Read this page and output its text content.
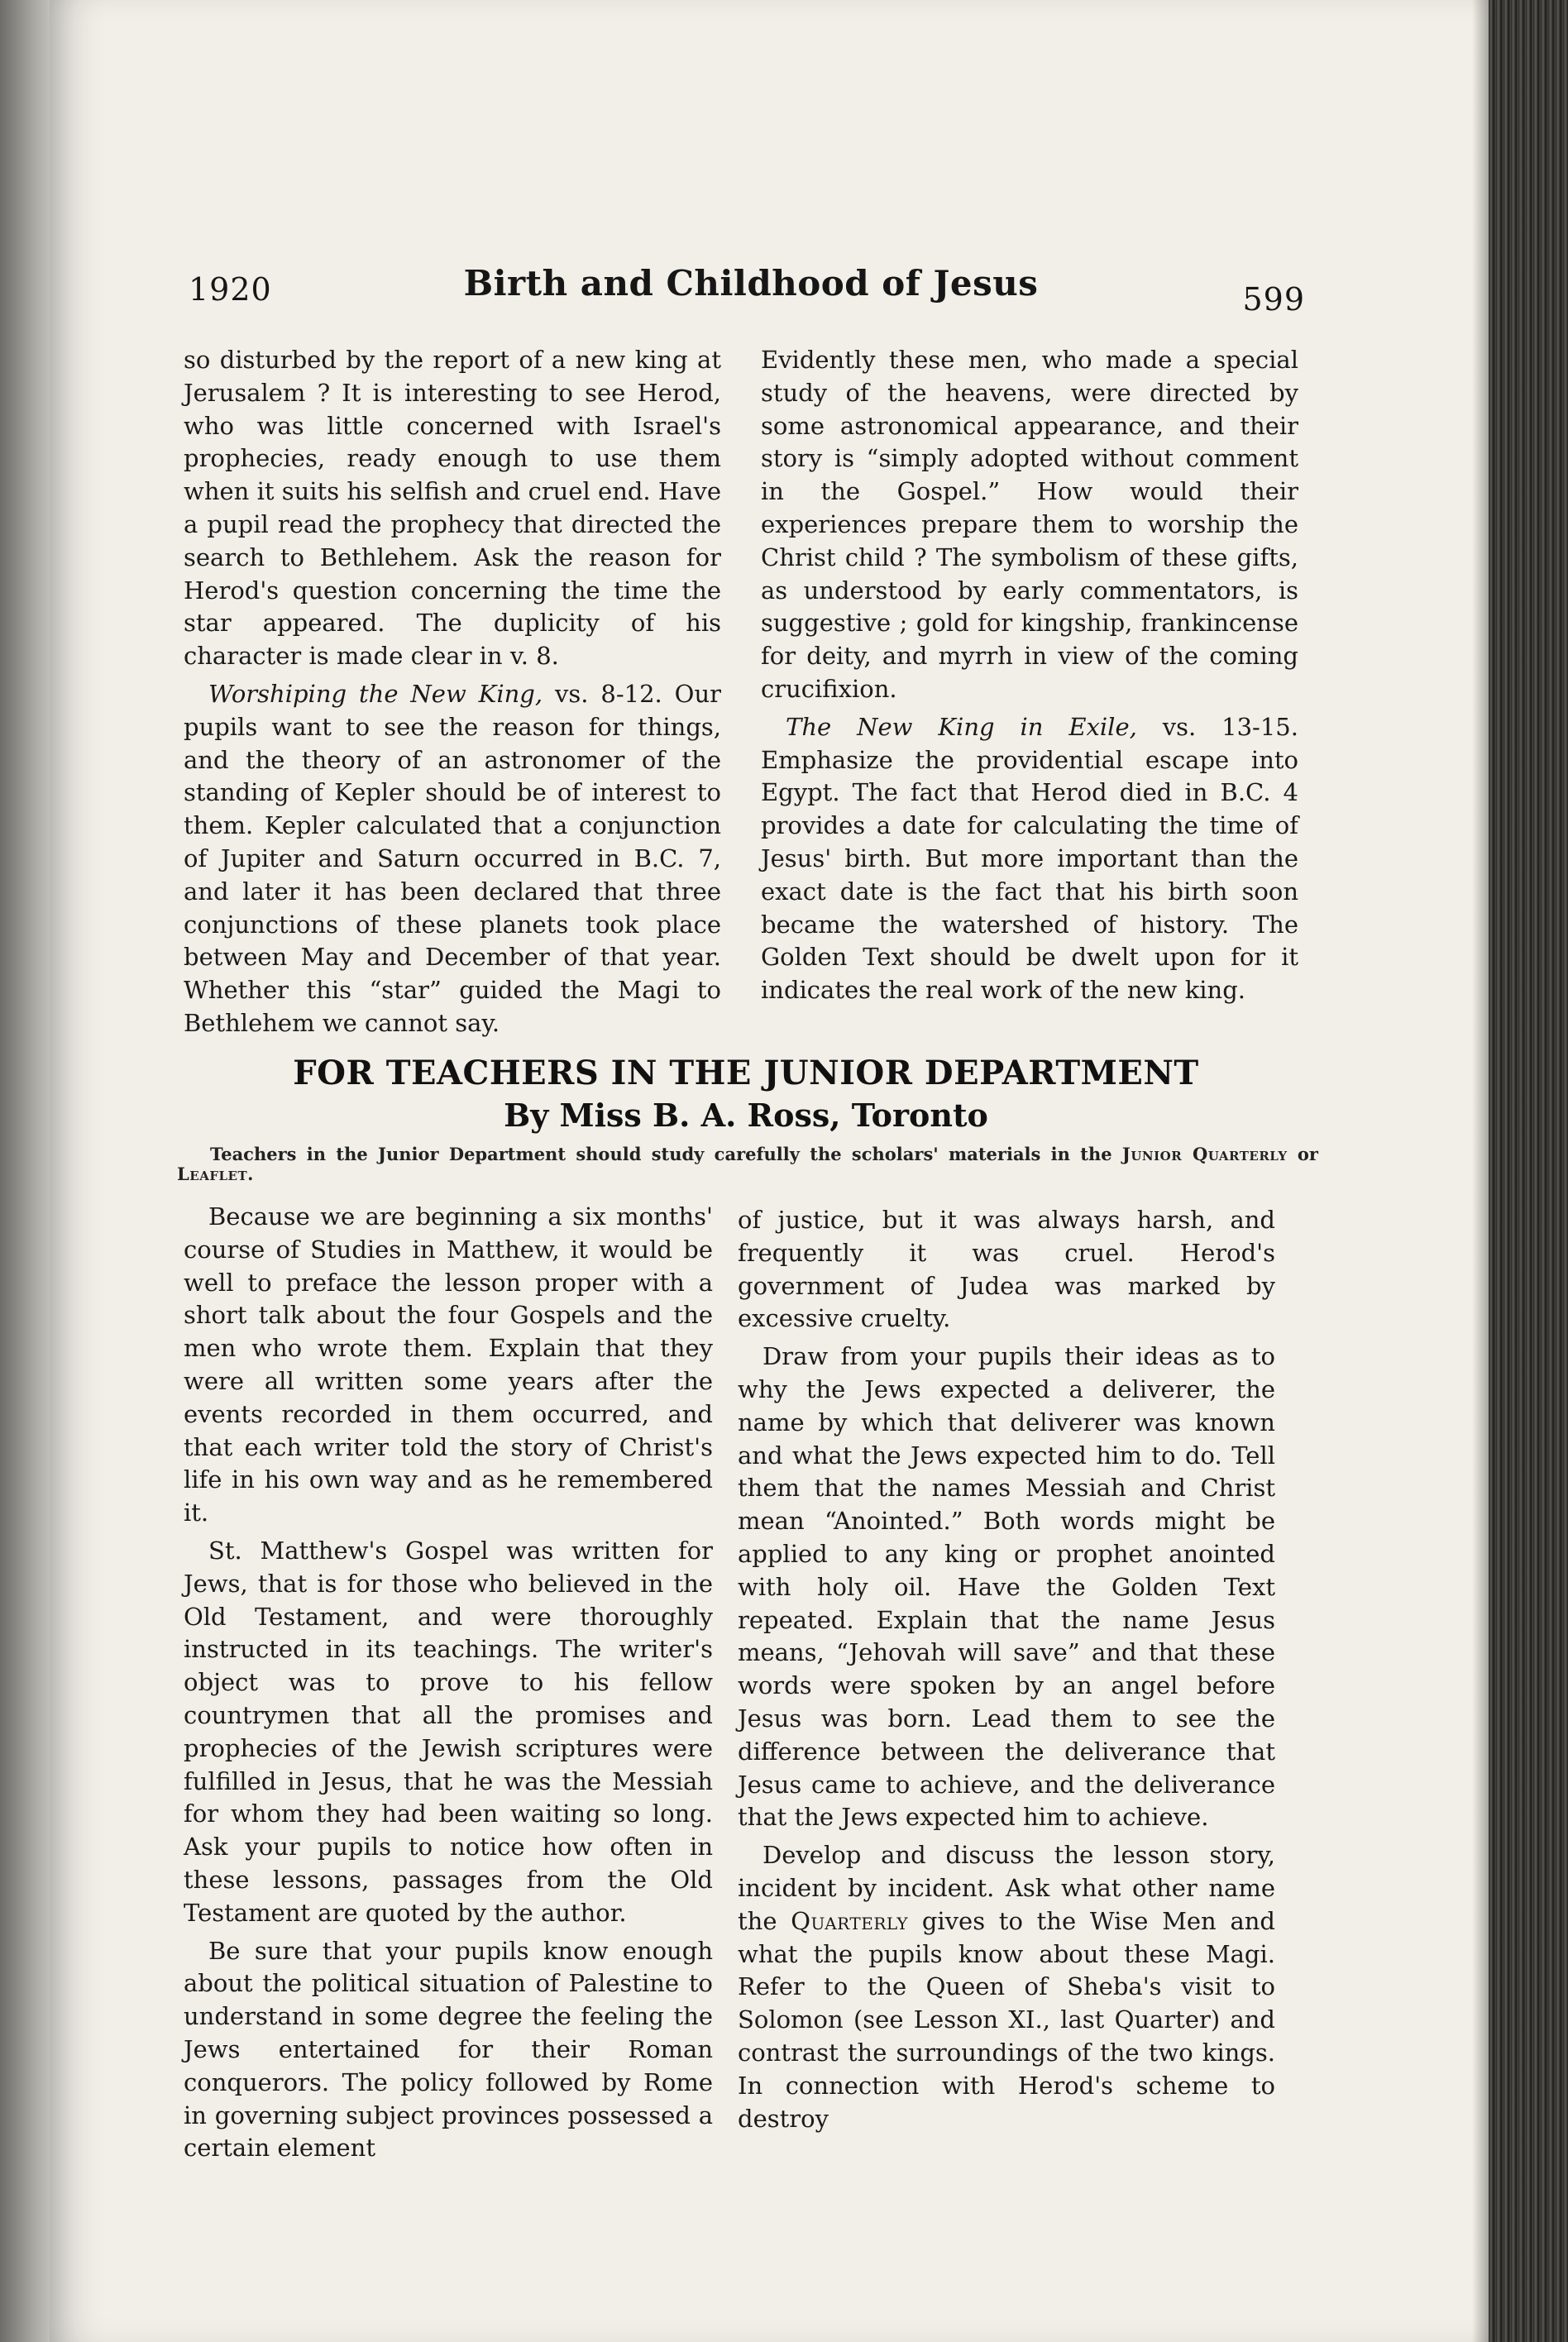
1920	Birth and Childhood of Jesus	599

so disturbed by the report of a new king at Jerusalem ? It is interesting to see Herod, who was little concerned with Israel's prophecies, ready enough to use them when it suits his selfish and cruel end. Have a pupil read the prophecy that directed the search to Bethlehem. Ask the reason for Herod's question concerning the time the star appeared. The duplicity of his character is made clear in v. 8.

Worshiping the New King, vs. 8-12. Our pupils want to see the reason for things, and the theory of an astronomer of the standing of Kepler should be of interest to them. Kepler calculated that a conjunction of Jupiter and Saturn occurred in B.C. 7, and later it has been declared that three conjunctions of these planets took place between May and December of that year. Whether this “star” guided the Magi to Bethlehem we cannot say.

Evidently these men, who made a special study of the heavens, were directed by some astronomical appearance, and their story is “simply adopted without comment in the Gospel.” How would their experiences prepare them to worship the Christ child ? The symbolism of these gifts, as understood by early commentators, is suggestive ; gold for kingship, frankincense for deity, and myrrh in view of the coming crucifixion.

The New King in Exile, vs. 13-15. Emphasize the providential escape into Egypt. The fact that Herod died in B.C. 4 provides a date for calculating the time of Jesus' birth. But more important than the exact date is the fact that his birth soon became the watershed of history. The Golden Text should be dwelt upon for it indicates the real work of the new king.

FOR TEACHERS IN THE JUNIOR DEPARTMENT
By Miss B. A. Ross, Toronto
Teachers in the Junior Department should study carefully the scholars' materials in the Junior Quarterly or Leaflet.

Because we are beginning a six months' course of Studies in Matthew, it would be well to preface the lesson proper with a short talk about the four Gospels and the men who wrote them. Explain that they were all written some years after the events recorded in them occurred, and that each writer told the story of Christ's life in his own way and as he remembered it.

St. Matthew's Gospel was written for Jews, that is for those who believed in the Old Testament, and were thoroughly instructed in its teachings. The writer's object was to prove to his fellow countrymen that all the promises and prophecies of the Jewish scriptures were fulfilled in Jesus, that he was the Messiah for whom they had been waiting so long. Ask your pupils to notice how often in these lessons, passages from the Old Testament are quoted by the author.

Be sure that your pupils know enough about the political situation of Palestine to understand in some degree the feeling the Jews entertained for their Roman conquerors. The policy followed by Rome in governing subject provinces possessed a certain element

of justice, but it was always harsh, and frequently it was cruel. Herod's government of Judea was marked by excessive cruelty.

Draw from your pupils their ideas as to why the Jews expected a deliverer, the name by which that deliverer was known and what the Jews expected him to do. Tell them that the names Messiah and Christ mean “Anointed.” Both words might be applied to any king or prophet anointed with holy oil. Have the Golden Text repeated. Explain that the name Jesus means, “Jehovah will save” and that these words were spoken by an angel before Jesus was born. Lead them to see the difference between the deliverance that Jesus came to achieve, and the deliverance that the Jews expected him to achieve.

Develop and discuss the lesson story, incident by incident. Ask what other name the Quarterly gives to the Wise Men and what the pupils know about these Magi. Refer to the Queen of Sheba's visit to Solomon (see Lesson XI., last Quarter) and contrast the surroundings of the two kings. In connection with Herod's scheme to destroy
